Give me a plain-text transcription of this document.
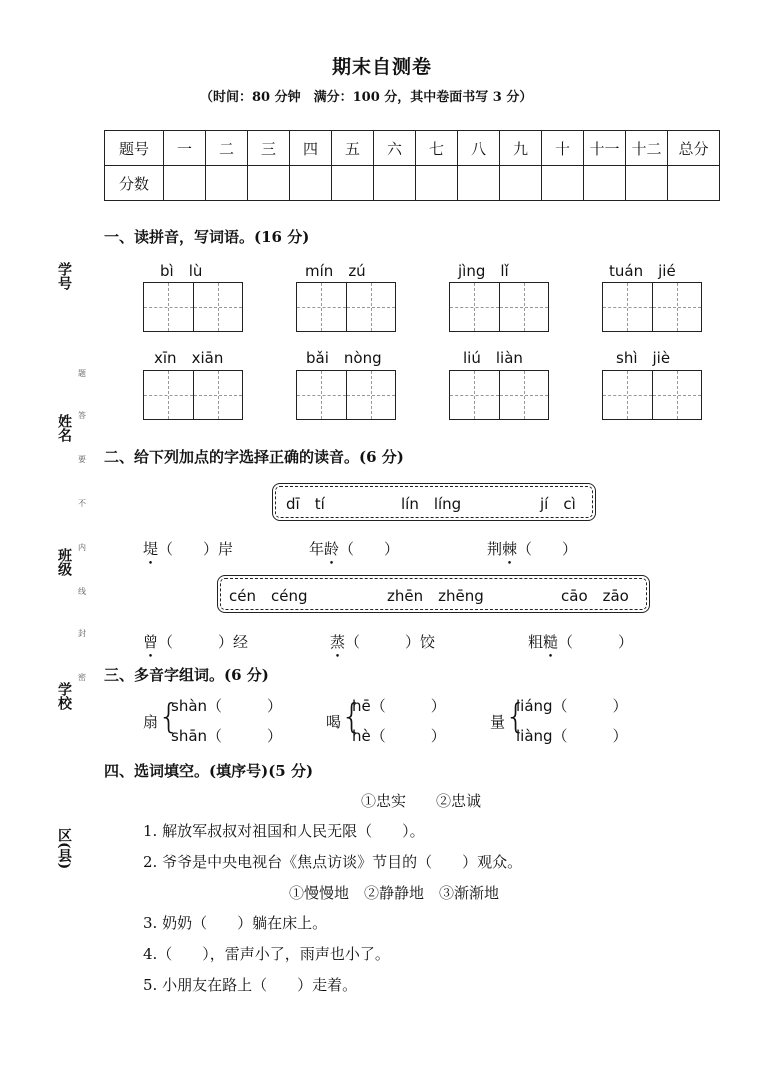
期末自测卷
（时间：80 分钟　满分：100 分，其中卷面书写 3 分）
题号	一	二	三	四	五	六	七	八	九	十	十一	十二	总分
分数													
学号
姓名
班级
学校
区(县)
题
答
要
不
内
线
封
密
一、读拼音，写词语。(16 分)
bì　 lù	mín　 zú	jìng　 lǐ	tuán　 jié
xīn　 xiān	bǎi　 nòng	liú　 liàn	shì　 jiè
二、给下列加点的字选择正确的读音。(6 分)
dī　tí	lín　líng	jí　cì
堤（　　）岸	年龄（　　）	荆棘（　　）
cén　céng	zhēn　zhēng	cāo　zāo
曾（　　　）经	蒸（　　　）饺	粗糙（　　　）
三、多音字组词。(6 分)
扇 {
shàn（　　　）
shān（　　　）
喝 {
hē（　　　）
hè（　　　）
量 {
liáng（　　　）
liàng（　　　）
四、选词填空。(填序号)(5 分)
①忠实　　②忠诚
1. 解放军叔叔对祖国和人民无限（　　）。
2. 爷爷是中央电视台《焦点访谈》节目的（　　）观众。
①慢慢地　②静静地　③渐渐地
3. 奶奶（　　）躺在床上。
4.（　　），雷声小了，雨声也小了。
5. 小朋友在路上（　　）走着。
